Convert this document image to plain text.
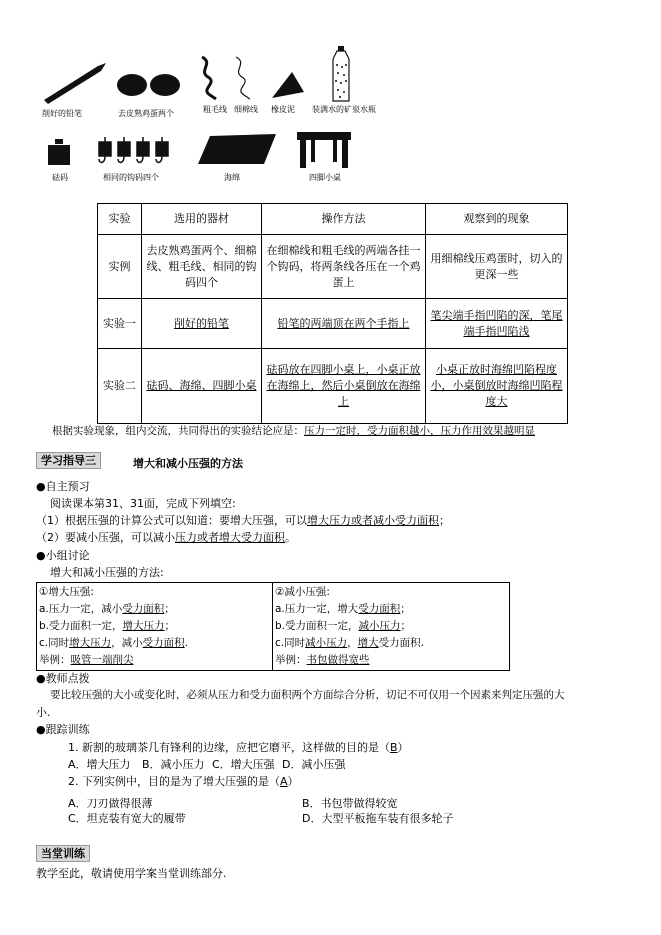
削好的铅笔	去皮熟鸡蛋两个	粗毛线 细棉线 橡皮泥 装满水的矿泉水瓶
砝码	相同的钩码四个	海绵	四脚小桌
实验	选用的器材	操作方法	观察到的现象
实例	去皮熟鸡蛋两个、细棉线、粗毛线、相同的钩码四个	在细棉线和粗毛线的两端各挂一个钩码，将两条线各压在一个鸡蛋上	用细棉线压鸡蛋时，切入的更深一些
实验一	削好的铅笔	铅笔的两端顶在两个手指上	笔尖端手指凹陷的深，笔尾端手指凹陷浅
实验二	砝码、海绵、四脚小桌	砝码放在四脚小桌上，小桌正放在海绵上，然后小桌倒放在海绵上	小桌正放时海绵凹陷程度小，小桌倒放时海绵凹陷程度大
根据实验现象，组内交流，共同得出的实验结论应是：压力一定时，受力面积越小，压力作用效果越明显
学习指导三	增大和减小压强的方法
●自主预习
阅读课本第31、31面，完成下列填空:
（1）根据压强的计算公式可以知道：要增大压强，可以增大压力或者减小受力面积；
（2）要减小压强，可以减小压力或者增大受力面积。
●小组讨论
增大和减小压强的方法:
①增大压强:
a.压力一定，减小受力面积；
b.受力面积一定，增大压力；
c.同时增大压力，减小受力面积.
举例：吸管一端削尖

②减小压强:
a.压力一定，增大受力面积；
b.受力面积一定，减小压力；
c.同时减小压力，增大受力面积.
举例：书包做得宽些
●教师点拨
要比较压强的大小或变化时，必须从压力和受力面积两个方面综合分析，切记不可仅用一个因素来判定压强的大
小.
●跟踪训练
1. 新割的玻璃茶几有锋利的边缘，应把它磨平，这样做的目的是（B）
A．增大压力 B．减小压力 C．增大压强 D．减小压强
2. 下列实例中，目的是为了增大压强的是（A）
A．刀刃做得很薄	B．书包带做得较宽
C．坦克装有宽大的履带	D．大型平板拖车装有很多轮子
当堂训练
教学至此，敬请使用学案当堂训练部分.
